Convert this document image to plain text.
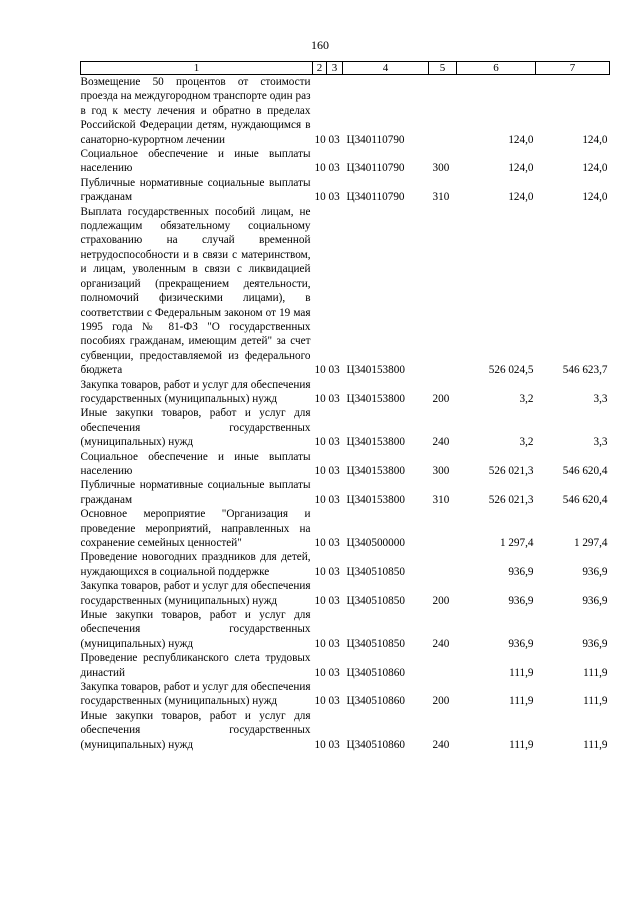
160
1	2	3	4	5	6	7
Возмещение 50 процентов от стоимости проезда на междугородном транспорте один раз в год к месту лечения и обратно в пределах Российской Федерации детям, нуждающимся в санаторно-курортном лечении	10	03	Ц340110790		124,0	124,0
Социальное обеспечение и иные выплаты населению	10	03	Ц340110790	300	124,0	124,0
Публичные нормативные социальные выплаты гражданам	10	03	Ц340110790	310	124,0	124,0
Выплата государственных пособий лицам, не подлежащим обязательному социальному страхованию на случай временной нетрудоспособности и в связи с материнством, и лицам, уволенным в связи с ликвидацией организаций (прекращением деятельности, полномочий физическими лицами), в соответствии с Федеральным законом от 19 мая 1995 года № 81-ФЗ "О государственных пособиях гражданам, имеющим детей" за счет субвенции, предоставляемой из федерального бюджета	10	03	Ц340153800		526 024,5	546 623,7
Закупка товаров, работ и услуг для обеспечения государственных (муниципальных) нужд	10	03	Ц340153800	200	3,2	3,3
Иные закупки товаров, работ и услуг для обеспечения государственных (муниципальных) нужд	10	03	Ц340153800	240	3,2	3,3
Социальное обеспечение и иные выплаты населению	10	03	Ц340153800	300	526 021,3	546 620,4
Публичные нормативные социальные выплаты гражданам	10	03	Ц340153800	310	526 021,3	546 620,4
Основное мероприятие "Организация и проведение мероприятий, направленных на сохранение семейных ценностей"	10	03	Ц340500000		1 297,4	1 297,4
Проведение новогодних праздников для детей, нуждающихся в социальной поддержке	10	03	Ц340510850		936,9	936,9
Закупка товаров, работ и услуг для обеспечения государственных (муниципальных) нужд	10	03	Ц340510850	200	936,9	936,9
Иные закупки товаров, работ и услуг для обеспечения государственных (муниципальных) нужд	10	03	Ц340510850	240	936,9	936,9
Проведение республиканского слета трудовых династий	10	03	Ц340510860		111,9	111,9
Закупка товаров, работ и услуг для обеспечения государственных (муниципальных) нужд	10	03	Ц340510860	200	111,9	111,9
Иные закупки товаров, работ и услуг для обеспечения государственных (муниципальных) нужд	10	03	Ц340510860	240	111,9	111,9
